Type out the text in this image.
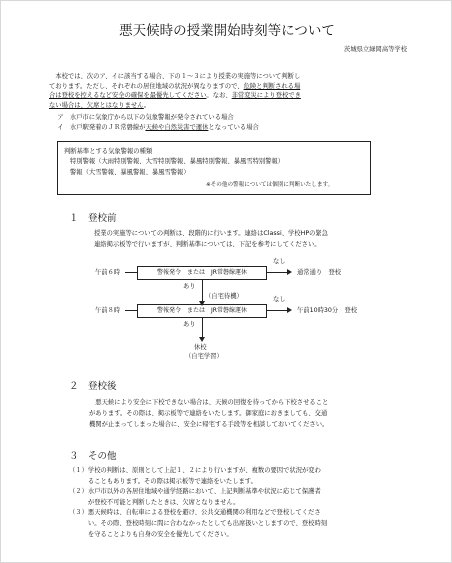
悪天候時の授業開始時刻等について
茨城県立緑岡高等学校
　本校では、次のア、イに該当する場合、下の１～３により授業の実施等について判断し
ております。ただし、それぞれの居住地域の状況が異なりますので、危険と判断される場
合は登校を控えるなど安全の確保を最優先してください。なお、非常変災により登校でき
ない場合は、欠席とはなりません。
　ア　水戸市に気象庁から以下の気象警報が発令されている場合
　イ　水戸駅発着のＪＲ常磐線が天候や自然災害で運休となっている場合
判断基準とする気象警報の種類
特別警報（大雨特別警報、大雪特別警報、暴風特別警報、暴風雪特別警報）
警報（大雪警報、暴風警報、暴風雪警報）
※その他の警報については個別に判断いたします。
１　 登校前
授業の実施等についての判断は、段階的に行います。連絡はClassi、学校HPの緊急
連絡掲示板等で行いますが、判断基準については、下記を参考にしてください。
午前６時	警報発令　または　JR常磐線運休	通常通り　登校
なし
あり
（自宅待機）
午前８時	警報発令　または　JR常磐線運休	午前10時30分　登校
なし
あり
休校
（自宅学習）
２　 登校後
　悪天候により安全に下校できない場合は、天候の回復を待ってから下校させること
があります。その際は、掲示板等で連絡をいたします。御家庭におきましても、交通
機関が止まってしまった場合に、安全に帰宅する手段等を相談しておいてください。
３　 その他
（１）学校の判断は、原則として上記１、２により行いますが、複数の要因で状況が変わ
　　　ることもあります。その際は掲示板等で連絡をいたします。
（２）水戸市以外の各居住地域や通学経路において、上記判断基準や状況に応じて保護者
　　　が登校不可能と判断したときは、欠席となりません。
（３）悪天候時は、自転車による登校を避け、公共交通機関の利用などで登校してくださ
　　　い。その際、登校時刻に間に合わなかったとしても出席扱いとしますので、登校時刻
　　　を守ることよりも自身の安全を優先してください。
